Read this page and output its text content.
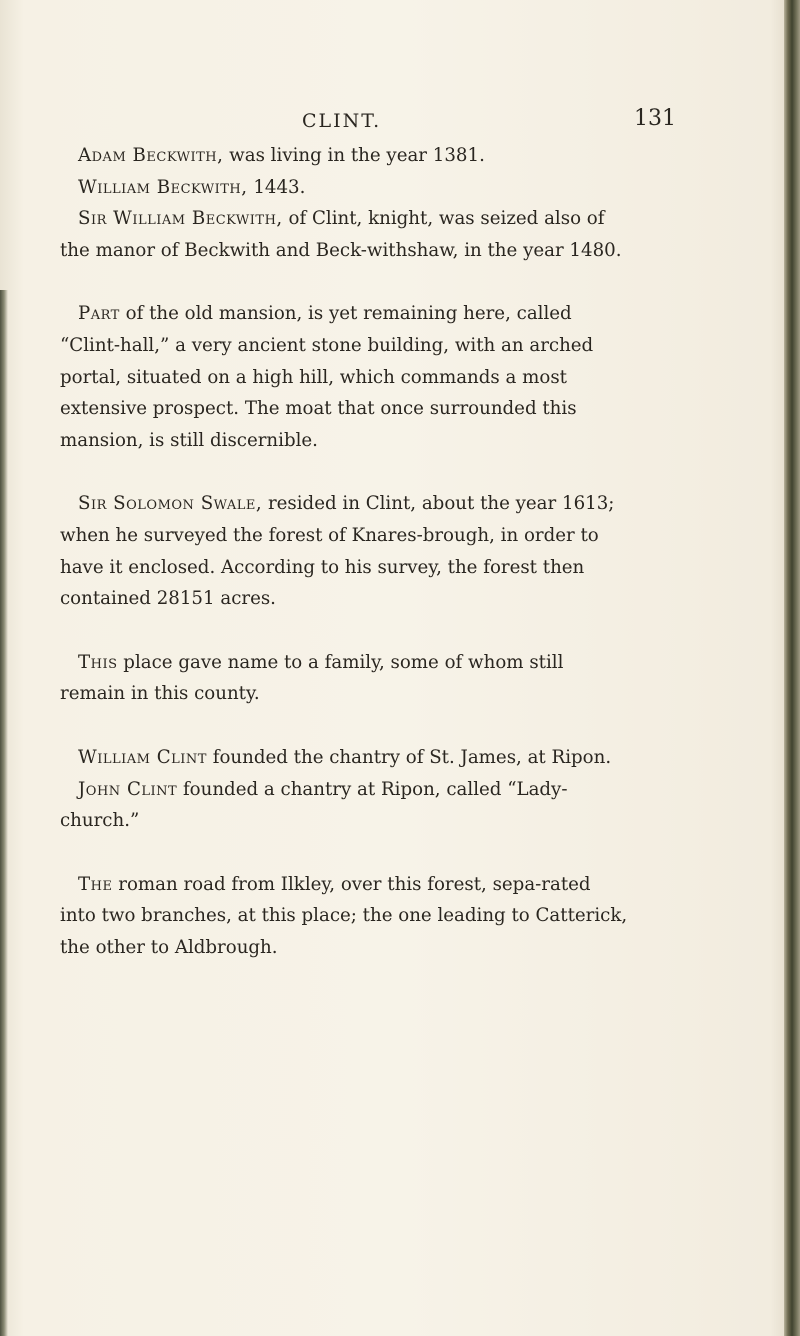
CLINT.	131

Adam Beckwith, was living in the year 1381.

William Beckwith, 1443.

Sir William Beckwith, of Clint, knight, was seized also of the manor of Beckwith and Beck-withshaw, in the year 1480.

Part of the old mansion, is yet remaining here, called “Clint-hall,” a very ancient stone building, with an arched portal, situated on a high hill, which commands a most extensive prospect. The moat that once surrounded this mansion, is still discernible.

Sir Solomon Swale, resided in Clint, about the year 1613; when he surveyed the forest of Knares-brough, in order to have it enclosed. According to his survey, the forest then contained 28151 acres.

This place gave name to a family, some of whom still remain in this county.

William Clint founded the chantry of St. James, at Ripon.

John Clint founded a chantry at Ripon, called “Lady-church.”

The roman road from Ilkley, over this forest, sepa-rated into two branches, at this place; the one leading to Catterick, the other to Aldbrough.
